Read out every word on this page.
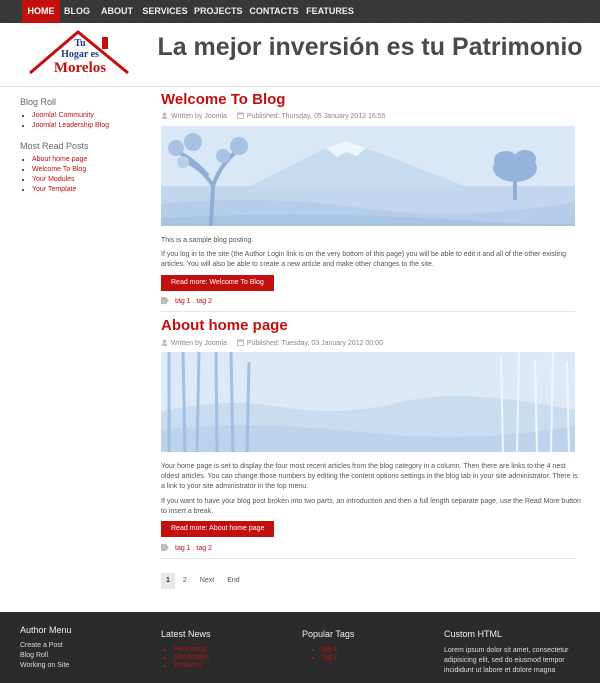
HOME	BLOG	ABOUT	SERVICES PROJECTS CONTACTS FEATURES
Tu
Hogar es
Morelos
La mejor inversión es tu Patrimonio
Blog Roll
• Joomla! Community
• Joomla! Leadership Blog
Most Read Posts
• About home page
• Welcome To Blog
• Your Modules
• Your Template
Welcome To Blog
Written by Joomla	Published: Thursday, 05 January 2012 16:55
This is a sample blog posting.
If you log in to the site (the Author Login link is on the very bottom of this page) you will be able to edit it and all of the other existing articles. You will also be able to create a new article and make other changes to the site.
Read more: Welcome To Blog
tag 1 . tag 2
About home page
Written by Joomla	Published: Tuesday, 03 January 2012 00:00
Your home page is set to display the four most recent articles from the blog category in a column. Then there are links to the 4 nest oldest articles. You can change those numbers by editing the content options settings in the blog tab in your site administrator. There is a link to your site administrator in the top menu.
If you want to have your blog post broken into two parts, an introduction and then a full length separate page, use the Read More button to insert a break.
Read more: About home page
tag 1 . tag 2
1 2 Next End
Author Menu
Create a Post
Blog Roll
Working on Site
Latest News
• Font Icons
• Shortcodes
• Features
Popular Tags
• tag 1
• tag 2
Custom HTML
Lorem ipsum dolor sit amet, consectetur adipisicing elit, sed do eiusmod tempor incididunt ut labore et dolore magna
